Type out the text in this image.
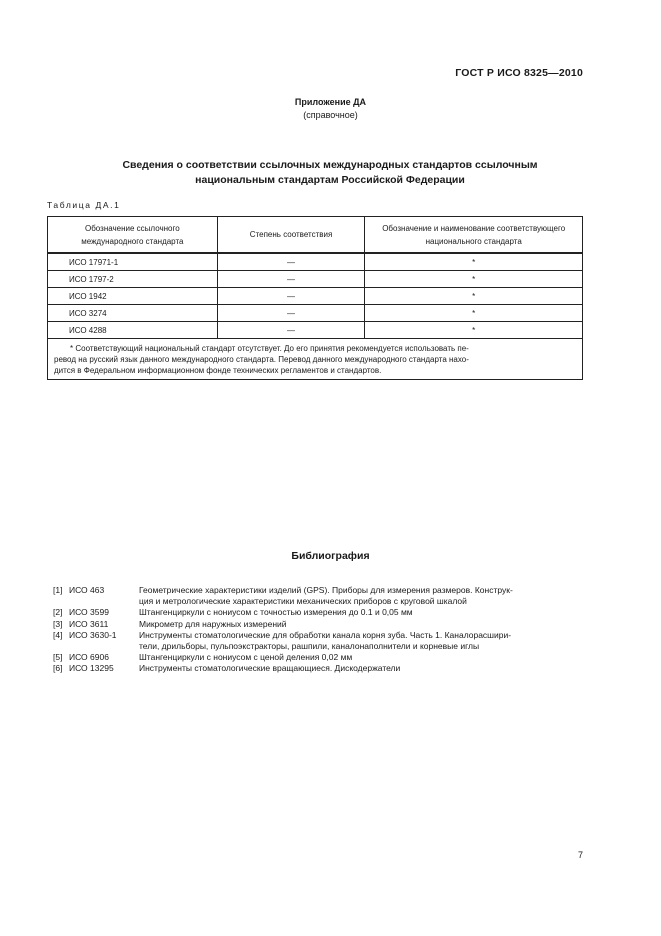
ГОСТ Р ИСО 8325—2010
Приложение ДА
(справочное)
Сведения о соответствии ссылочных международных стандартов ссылочным
национальным стандартам Российской Федерации
Таблица ДА.1
Обозначение ссылочного
международного стандарта	Степень соответствия	Обозначение и наименование соответствующего
национального стандарта
ИСО 17971-1	—	*
ИСО 1797-2	—	*
ИСО 1942	—	*
ИСО 3274	—	*
ИСО 4288	—	*

* Соответствующий национальный стандарт отсутствует. До его принятия рекомендуется использовать пе-
ревод на русский язык данного международного стандарта. Перевод данного международного стандарта нахо-
дится в Федеральном информационном фонде технических регламентов и стандартов.		
Библиография
[1] ИСО 463	Геометрические характеристики изделий (GPS). Приборы для измерения размеров. Конструк-
ция и метрологические характеристики механических приборов с круговой шкалой
[2] ИСО 3599	Штангенциркули с нониусом с точностью измерения до 0.1 и 0,05 мм
[3] ИСО 3611	Микрометр для наружных измерений
[4] ИСО 3630-1	Инструменты стоматологические для обработки канала корня зуба. Часть 1. Каналорасшири-
тели, дрильборы, пульпоэкстракторы, рашпили, каналонаполнители и корневые иглы
[5] ИСО 6906	Штангенциркули с нониусом с ценой деления 0,02 мм
[6] ИСО 13295	Инструменты стоматологические вращающиеся. Дискодержатели
7
